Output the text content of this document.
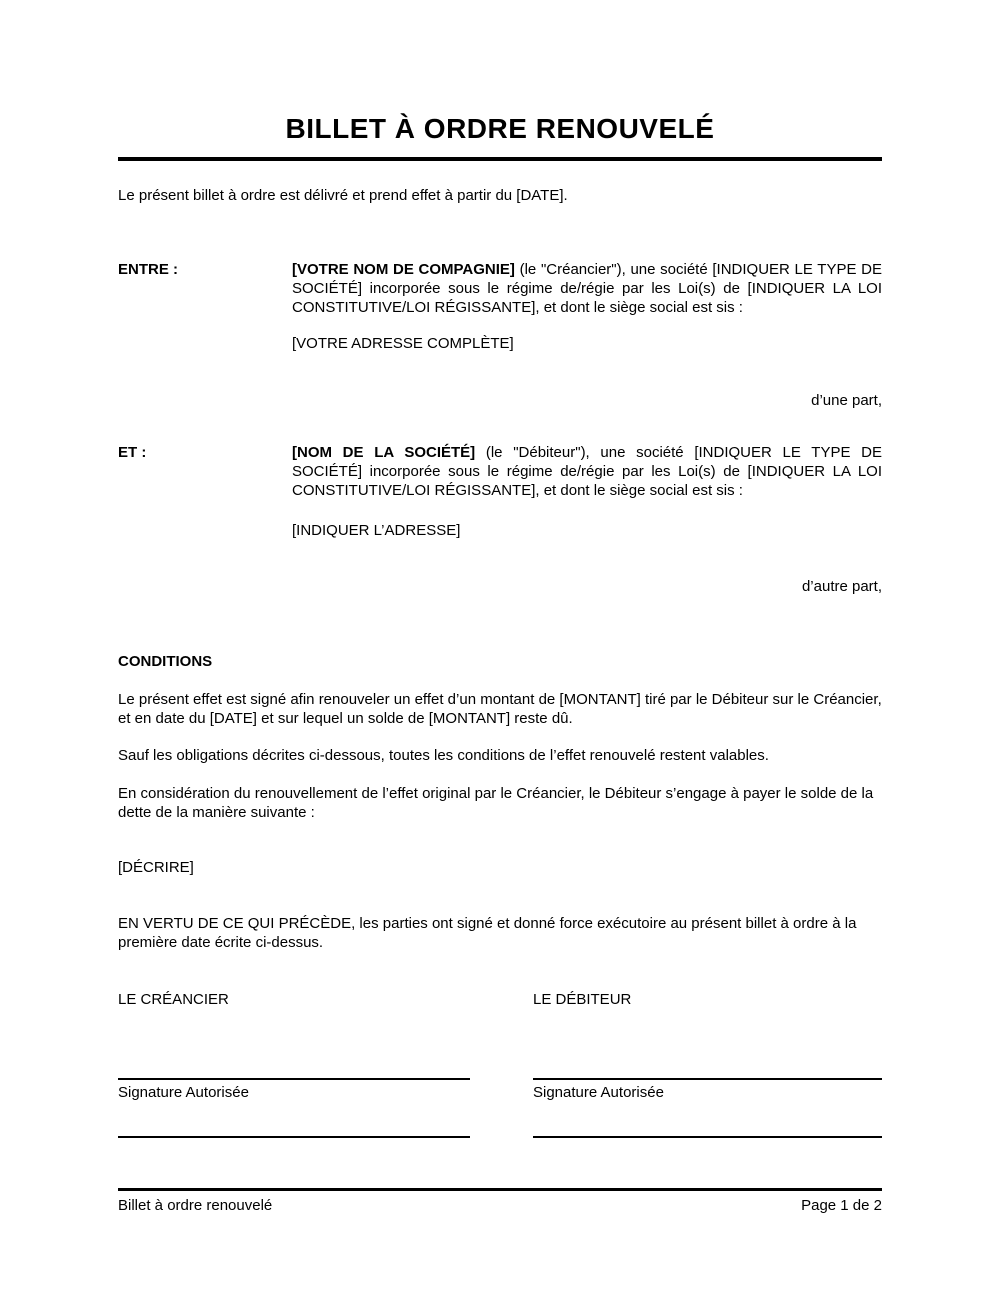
BILLET À ORDRE RENOUVELÉ

Le présent billet à ordre est délivré et prend effet à partir du [DATE].

ENTRE :	[VOTRE NOM DE COMPAGNIE] (le "Créancier"), une société [INDIQUER LE TYPE DE SOCIÉTÉ] incorporée sous le régime de/régie par les Loi(s) de [INDIQUER LA LOI CONSTITUTIVE/LOI RÉGISSANTE], et dont le siège social est sis :

[VOTRE ADRESSE COMPLÈTE]
d’une part,
ET :	[NOM DE LA SOCIÉTÉ] (le "Débiteur"), une société [INDIQUER LE TYPE DE SOCIÉTÉ] incorporée sous le régime de/régie par les Loi(s) de [INDIQUER LA LOI CONSTITUTIVE/LOI RÉGISSANTE], et dont le siège social est sis :

[INDIQUER L’ADRESSE]
d’autre part,
CONDITIONS

Le présent effet est signé afin renouveler un effet d’un montant de [MONTANT] tiré par le Débiteur sur le Créancier, et en date du [DATE] et sur lequel un solde de [MONTANT] reste dû.

Sauf les obligations décrites ci-dessous, toutes les conditions de l’effet renouvelé restent valables.

En considération du renouvellement de l’effet original par le Créancier, le Débiteur s’engage à payer le solde de la dette de la manière suivante :

[DÉCRIRE]

EN VERTU DE CE QUI PRÉCÈDE, les parties ont signé et donné force exécutoire au présent billet à ordre à la première date écrite ci-dessus.

LE CRÉANCIER	LE DÉBITEUR
Signature Autorisée	Signature Autorisée
Billet à ordre renouvelé	Page 1 de 2
